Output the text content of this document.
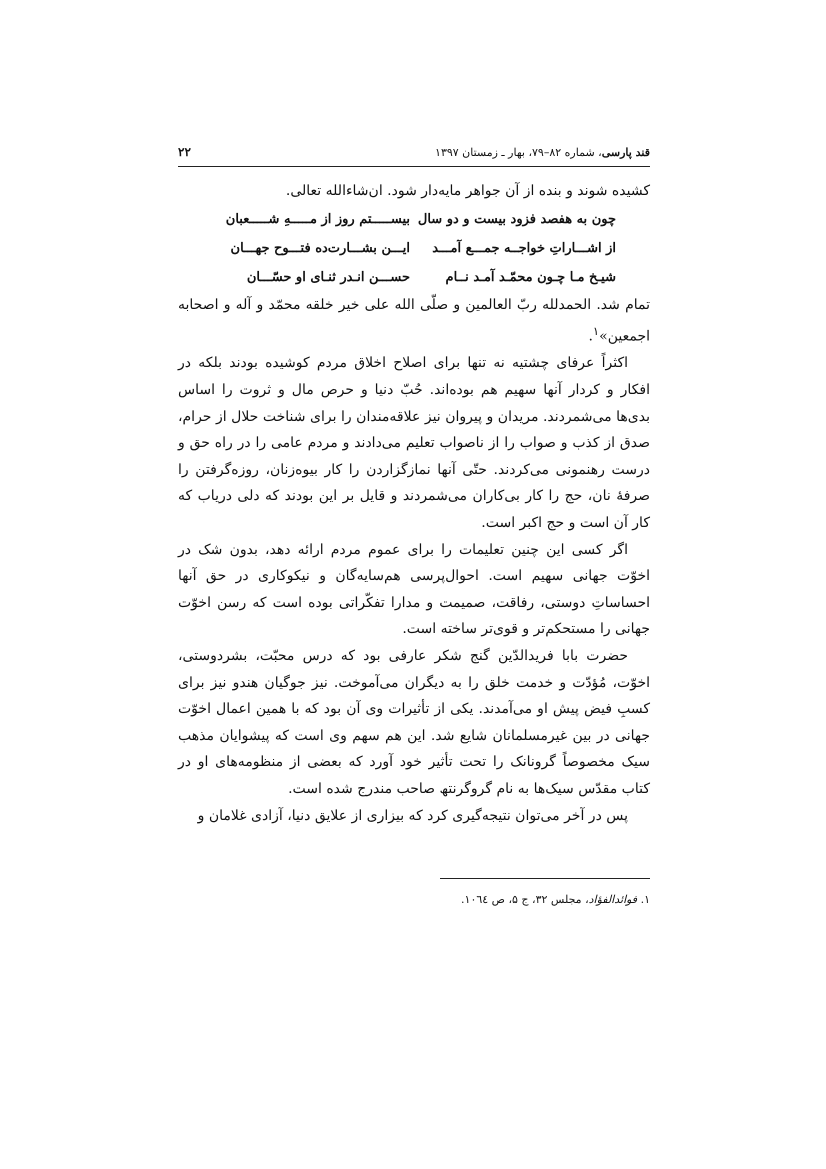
قند پارسی، شماره ۸۲–۷۹، بهار ـ زمستان ۱۳۹۷
۲۲

کشیده شوند و بنده از آن جواهر مایه‌دار شود. ان‌شاءالله تعالی.

چون به هفصد فزود بیست و دو سال
بیســـــتم روز از مـــــهِ شـــــعبان
از اشـــاراتِ خواجــه جمـــع آمـــد
ایـــن بشـــارت‌ده فتـــوح جهـــان
شیـخ مـا چـون محمّـد آمـد نــام
حســـن انـدر ثنـای او حسّـــان

تمام شد. الحمدلله ربّ العالمین و صلّی الله علی خیر خلقه محمّد و آله و اصحابه اجمعین»$^۱$.

اکثراً عرفای چشتیه نه تنها برای اصلاح اخلاق مردم کوشیده بودند بلکه در افکار و کردار آنها سهیم هم بوده‌اند. حُبّ دنیا و حرص مال و ثروت را اساس بدی‌ها می‌شمردند. مریدان و پیروان نیز علاقه‌مندان را برای شناخت حلال از حرام، صدق از کذب و صواب را از ناصواب تعلیم می‌دادند و مردم عامی را در راه حق و درست رهنمونی می‌کردند. حتّی آنها نمازگزاردن را کار بیوه‌زنان، روزه‌گرفتن را صرفهٔ نان، حج را کار بی‌کاران می‌شمردند و قایل بر این بودند که دلی دریاب که کار آن است و حج اکبر است.

اگر کسی این چنین تعلیمات را برای عموم مردم ارائه دهد، بدون شک در اخوّت جهانی سهیم است. احوال‌پرسی هم‌سایه‌گان و نیکوکاری در حق آنها احساساتِ دوستی، رفاقت، صمیمت و مدارا تفکّراتی بوده است که رسن اخوّت جهانی را مستحکم‌تر و قوی‌تر ساخته است.

حضرت بابا فریدالدّین گنج شکر عارفی بود که درس محبّت، بشردوستی، اخوّت، مُؤدّت و خدمت خلق را به دیگران می‌آموخت. نیز جوگیان هندو نیز برای کسبِ فیض پیش او می‌آمدند. یکی از تأثیرات وی آن بود که با همین اعمال اخوّت جهانی در بین غیرمسلمانان شایع شد. این هم سهم وی است که پیشوایان مذهب سیک مخصوصاً گرونانک را تحت تأثیر خود آورد که بعضی از منظومه‌های او در کتاب مقدّس سیک‌ها به نام گروگرنتھ صاحب مندرج شده است.

پس در آخر می‌توان نتیجه‌گیری کرد که بیزاری از علایق دنیا، آزادی غلامان و

۱. فوائدالفؤاد، مجلس ۳۲، ج ۵، ص ۱۰٦٤.
